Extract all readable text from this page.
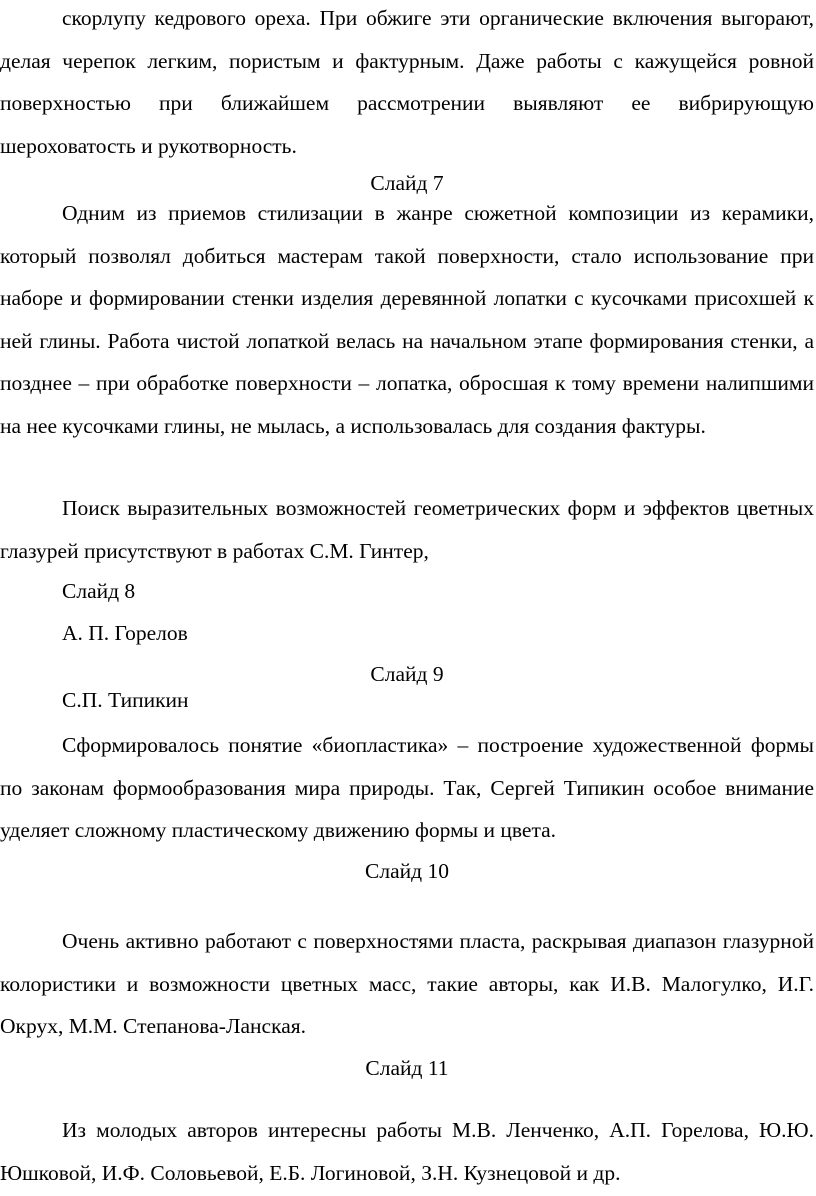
скорлупу кедрового ореха. При обжиге эти органические включения выгорают, делая черепок легким, пористым и фактурным. Даже работы с кажущейся ровной поверхностью при ближайшем рассмотрении выявляют ее вибрирующую шероховатость и рукотворность.

Слайд 7

Одним из приемов стилизации в жанре сюжетной композиции из керамики, который позволял добиться мастерам такой поверхности, стало использование при наборе и формировании стенки изделия деревянной лопатки с кусочками присохшей к ней глины. Работа чистой лопаткой велась на начальном этапе формирования стенки, а позднее – при обработке поверхности – лопатка, обросшая к тому времени налипшими на нее кусочками глины, не мылась, а использовалась для создания фактуры.

Поиск выразительных возможностей геометрических форм и эффектов цветных глазурей присутствуют в работах С.М. Гинтер,

Слайд 8

А. П. Горелов

Слайд 9

С.П. Типикин

Сформировалось понятие «биопластика» – построение художественной формы по законам формообразования мира природы. Так, Сергей Типикин особое внимание уделяет сложному пластическому движению формы и цвета.

Слайд 10

Очень активно работают с поверхностями пласта, раскрывая диапазон глазурной колористики и возможности цветных масс, такие авторы, как И.В. Малогулко, И.Г. Окрух, М.М. Степанова-Ланская.

Слайд 11

Из молодых авторов интересны работы М.В. Ленченко, А.П. Горелова, Ю.Ю. Юшковой, И.Ф. Соловьевой, Е.Б. Логиновой, З.Н. Кузнецовой и др.
